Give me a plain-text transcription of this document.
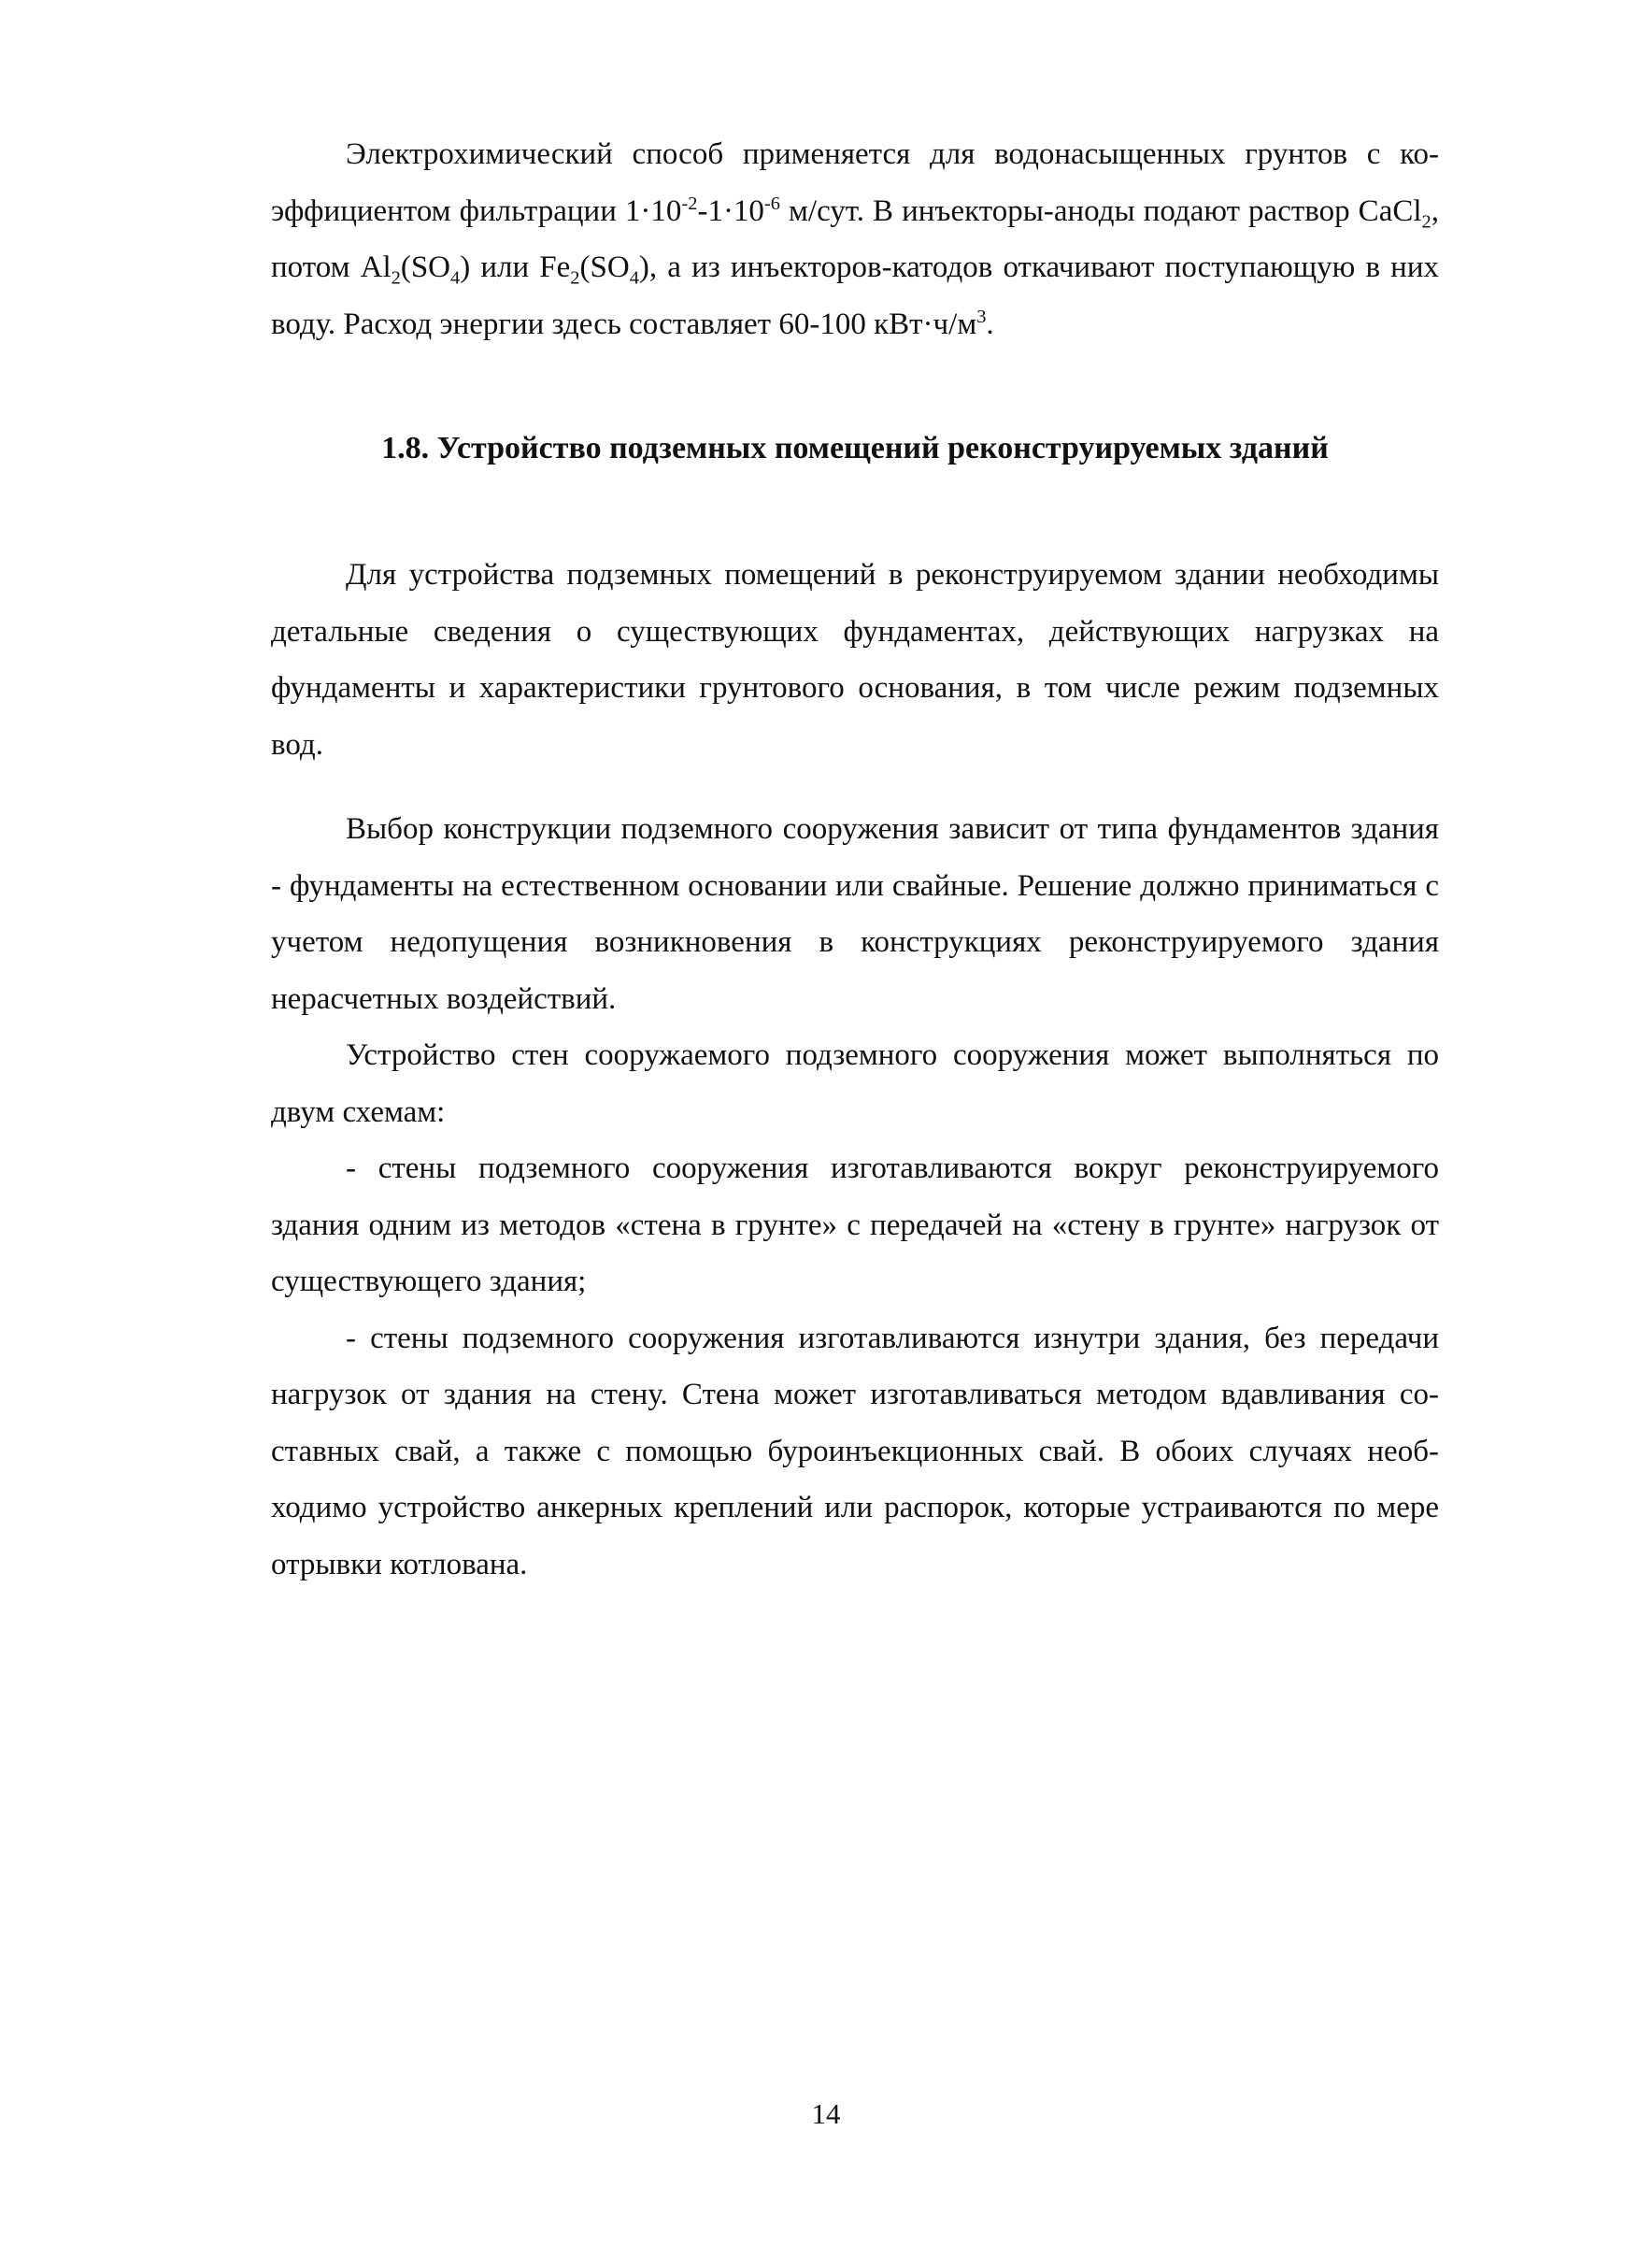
Электрохимический способ применяется для водонасыщенных грунтов с коэффициентом фильтрации $1\cdot 10^{-2}-1\cdot 10^{-6}$ м/сут. В инъекторы-аноды подают раствор CaCl$_2$, потом $Al_2(SO_4)$ или $Fe_2(SO_4)$, а из инъекторов-катодов откачивают поступающую в них воду. Расход энергии здесь составляет 60-100 $кВт\cdot ч/м^3$.

1.8. Устройство подземных помещений реконструируемых зданий

Для устройства подземных помещений в реконструируемом здании необходимы детальные сведения о существующих фундаментах, действующих нагрузках на фундаменты и характеристики грунтового основания, в том числе режим подземных вод.

Выбор конструкции подземного сооружения зависит от типа фундаментов здания - фундаменты на естественном основании или свайные. Решение должно приниматься с учетом недопущения возникновения в конструкциях реконструируемого здания нерасчетных воздействий.

Устройство стен сооружаемого подземного сооружения может выполняться по двум схемам:

- стены подземного сооружения изготавливаются вокруг реконструируемого здания одним из методов «стена в грунте» с передачей на «стену в грунте» нагрузок от существующего здания;

- стены подземного сооружения изготавливаются изнутри здания, без передачи нагрузок от здания на стену. Стена может изготавливаться методом вдавливания составных свай, а также с помощью буроинъекционных свай. В обоих случаях необходимо устройство анкерных креплений или распорок, которые устраиваются по мере отрывки котлована.

14
